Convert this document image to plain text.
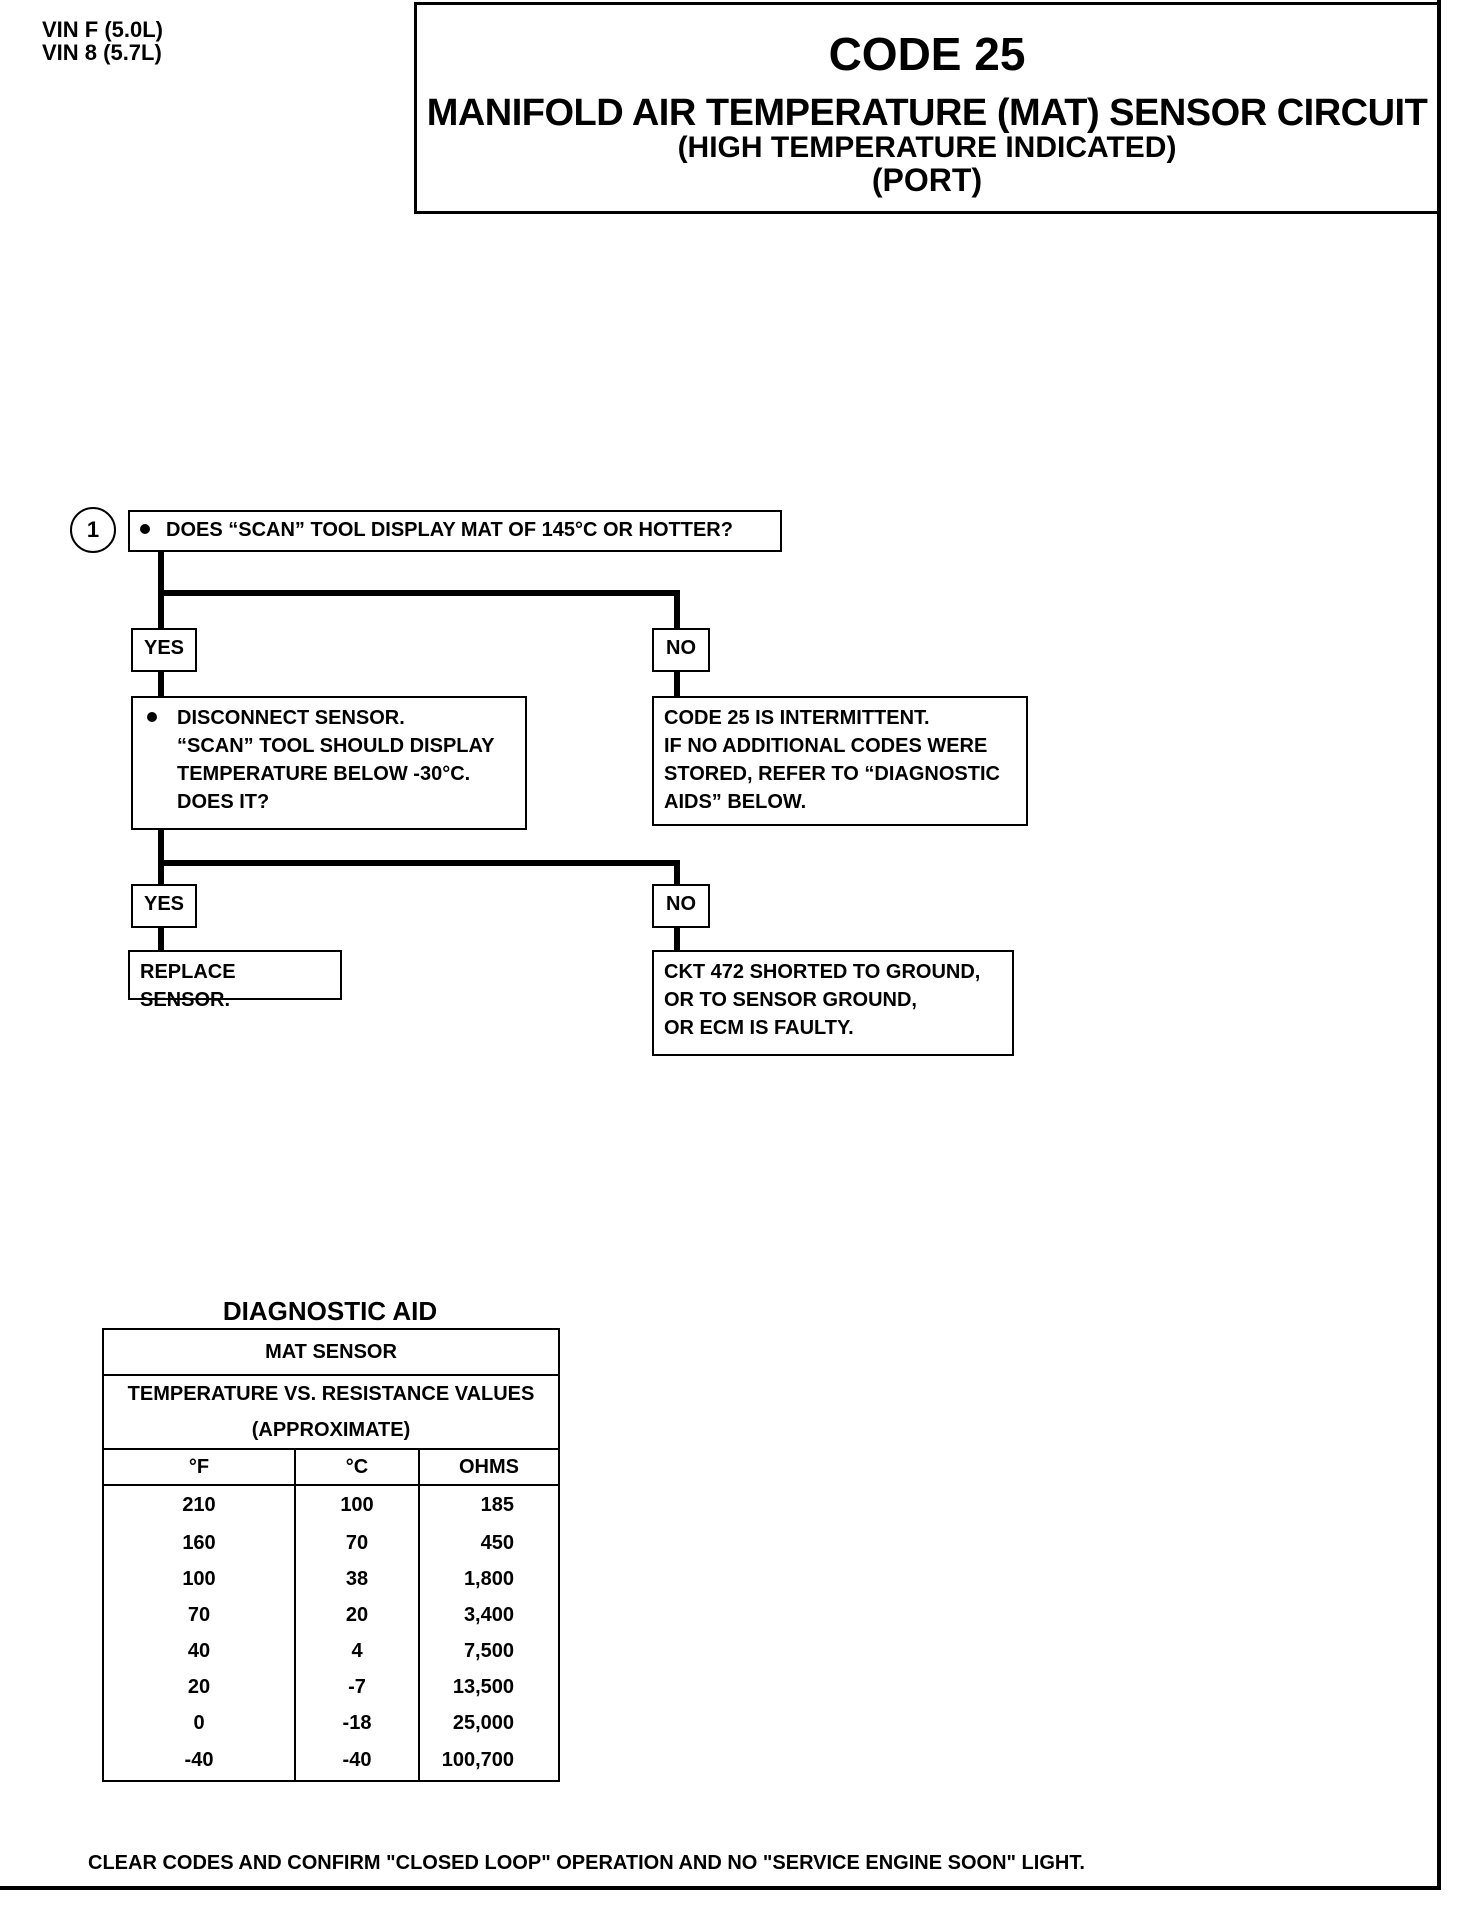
VIN F (5.0L)
VIN 8 (5.7L)	CODE 25
MANIFOLD AIR TEMPERATURE (MAT) SENSOR CIRCUIT
(HIGH TEMPERATURE INDICATED)
(PORT)
1	DOES “SCAN” TOOL DISPLAY MAT OF 145°C OR HOTTER?
YES	NO
DISCONNECT SENSOR.
“SCAN” TOOL SHOULD DISPLAY
TEMPERATURE BELOW -30°C.
DOES IT?
CODE 25 IS INTERMITTENT.
IF NO ADDITIONAL CODES WERE
STORED, REFER TO “DIAGNOSTIC
AIDS” BELOW.
YES	NO
REPLACE SENSOR.
CKT 472 SHORTED TO GROUND,
OR TO SENSOR GROUND,
OR ECM IS FAULTY.
DIAGNOSTIC AID
MAT SENSOR		
TEMPERATURE VS. RESISTANCE VALUES		
(APPROXIMATE)		
°F	°C	OHMS
210	100	185
160	70	450
100	38	1,800
70	20	3,400
40	4	7,500
20	-7	13,500
0	-18	25,000
-40	-40	100,700
CLEAR CODES AND CONFIRM "CLOSED LOOP" OPERATION AND NO "SERVICE ENGINE SOON" LIGHT.
